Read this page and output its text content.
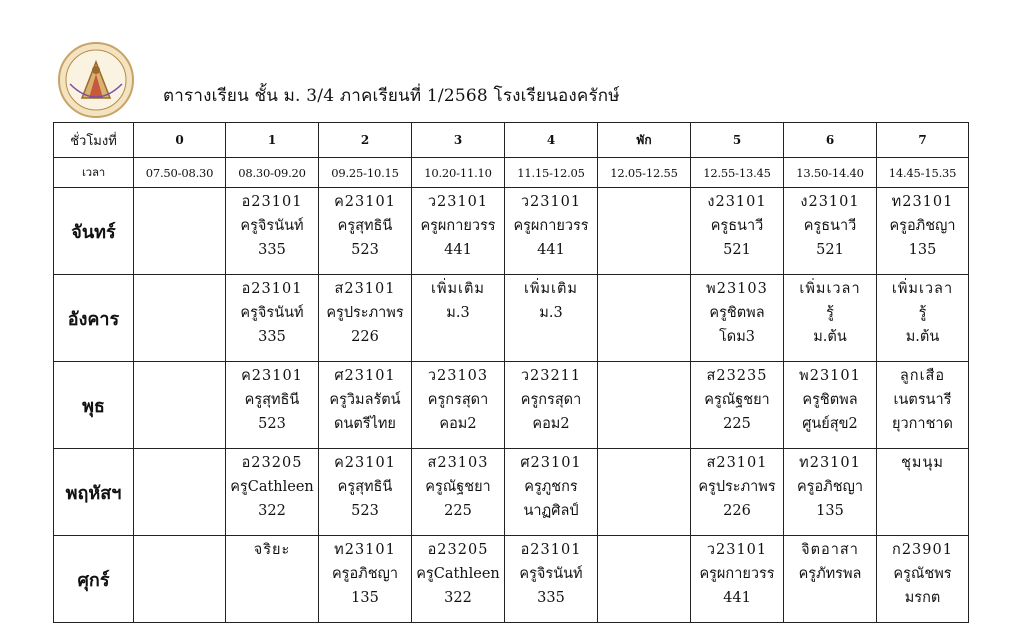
ตารางเรียน ชั้น ม. 3/4 ภาคเรียนที่ 1/2568 โรงเรียนองครักษ์
ชั่วโมงที่	0	1	2	3	4	พัก	5	6	7
เวลา	07.50-08.30	08.30-09.20	09.25-10.15	10.20-11.10	11.15-12.05	12.05-12.55	12.55-13.45	13.50-14.40	14.45-15.35
จันทร์		อ23101
ครูจิรนันท์
335	ค23101
ครูสุทธินี
523	ว23101
ครูผกายวรร
441	ว23101
ครูผกายวรร
441		ง23101
ครูธนาวี
521	ง23101
ครูธนาวี
521	ท23101
ครูอภิชญา
135

อังคาร		อ23101
ครูจิรนันท์
335	ส23101
ครูประภาพร
226	เพิ่มเติม
ม.3	เพิ่มเติม
ม.3		พ23103
ครูชิตพล
โดม3	เพิ่มเวลา
รู้
ม.ต้น	เพิ่มเวลา
รู้
ม.ต้น

พุธ		ค23101
ครูสุทธินี
523	ศ23101
ครูวิมลรัตน์
ดนตรีไทย	ว23103
ครูกรสุดา
คอม2	ว23211
ครูกรสุดา
คอม2		ส23235
ครูณัฐชยา
225	พ23101
ครูชิตพล
ศูนย์สุข2	ลูกเสือ
เนตรนารี
ยุวกาชาด

พฤหัสฯ		อ23205
ครูCathleen
322	ค23101
ครูสุทธินี
523	ส23103
ครูณัฐชยา
225	ศ23101
ครูภูชกร
นาฏศิลป์		ส23101
ครูประภาพร
226	ท23101
ครูอภิชญา
135	ชุมนุม

ศุกร์		จริยะ	ท23101
ครูอภิชญา
135	อ23205
ครูCathleen
322	อ23101
ครูจิรนันท์
335		ว23101
ครูผกายวรร
441	จิตอาสา
ครูภัทรพล	ก23901
ครูณัชพร
มรกต
